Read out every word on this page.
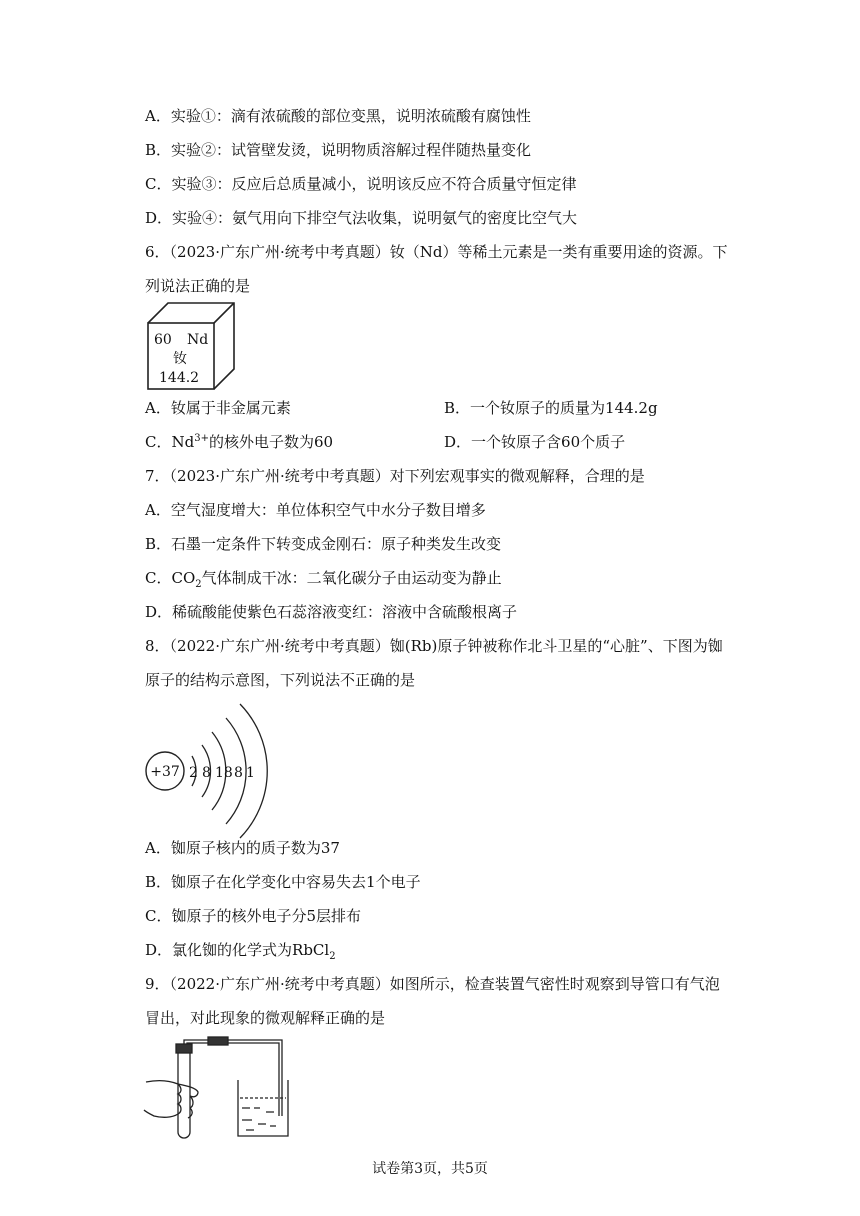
A．实验①：滴有浓硫酸的部位变黑，说明浓硫酸有腐蚀性
B．实验②：试管壁发烫，说明物质溶解过程伴随热量变化
C．实验③：反应后总质量减小，说明该反应不符合质量守恒定律
D．实验④：氨气用向下排空气法收集，说明氨气的密度比空气大
6．（2023·广东广州·统考中考真题）钕（Nd）等稀土元素是一类有重要用途的资源。下
列说法正确的是
60 Nd
钕
144.2
A．钕属于非金属元素	B．一个钕原子的质量为144.2g
C．$Nd^{3+}$的核外电子数为60	D．一个钕原子含60个质子
7．（2023·广东广州·统考中考真题）对下列宏观事实的微观解释，合理的是
A．空气湿度增大：单位体积空气中水分子数目增多
B．石墨一定条件下转变成金刚石：原子种类发生改变
C．$CO_2$气体制成干冰：二氧化碳分子由运动变为静止
D．稀硫酸能使紫色石蕊溶液变红：溶液中含硫酸根离子
8．（2022·广东广州·统考中考真题）铷(Rb)原子钟被称作北斗卫星的“心脏”、下图为铷
原子的结构示意图，下列说法不正确的是
+37 2 8 18 8 1
A．铷原子核内的质子数为37
B．铷原子在化学变化中容易失去1个电子
C．铷原子的核外电子分5层排布
D．氯化铷的化学式为RbCl$_2$
9．（2022·广东广州·统考中考真题）如图所示，检查装置气密性时观察到导管口有气泡
冒出，对此现象的微观解释正确的是
试卷第3页，共5页
